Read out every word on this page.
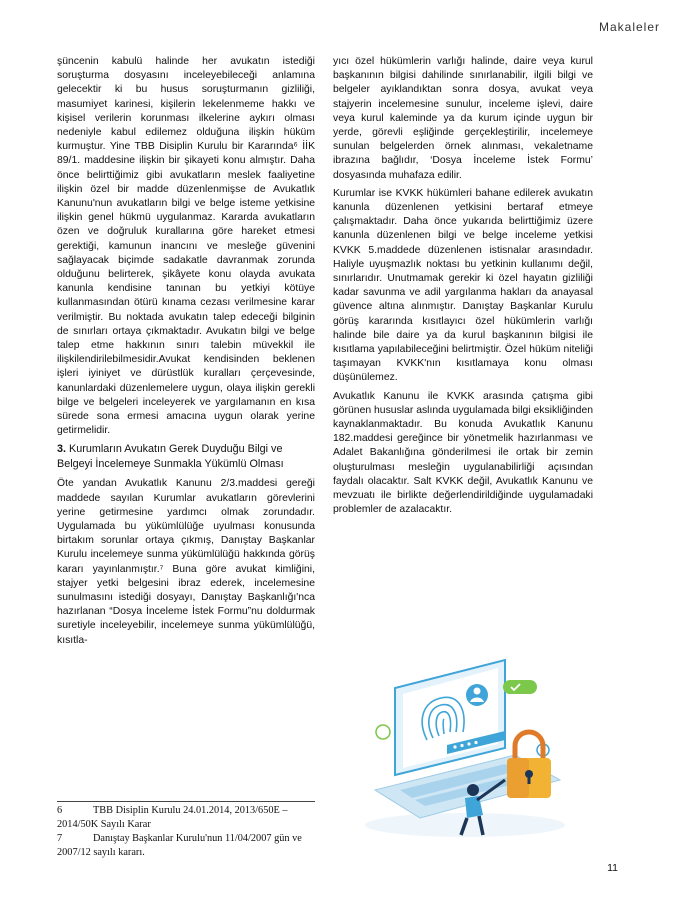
Makaleler

şüncenin kabulü halinde her avukatın istediği soruşturma dosyasını inceleyebileceği anlamına gelecektir ki bu husus soruşturmanın gizliliği, masumiyet karinesi, kişilerin lekelenmeme hakkı ve kişisel verilerin korunması ilkelerine aykırı olması nedeniyle kabul edilemez olduğuna ilişkin hüküm kurmuştur. Yine TBB Disiplin Kurulu bir Kararında⁶ İİK 89/1. maddesine ilişkin bir şikayeti konu almıştır. Daha önce belirttiğimiz gibi avukatların meslek faaliyetine ilişkin özel bir madde düzenlenmişse de Avukatlık Kanunu'nun avukatların bilgi ve belge isteme yetkisine ilişkin genel hükmü uygulanmaz. Kararda avukatların özen ve doğruluk kurallarına göre hareket etmesi gerektiği, kamunun inancını ve mesleğe güvenini sağlayacak biçimde sadakatle davranmak zorunda olduğunu belirterek, şikâyete konu olayda avukata kanunla kendisine tanınan bu yetkiyi kötüye kullanmasından ötürü kınama cezası verilmesine karar verilmiştir. Bu noktada avukatın talep edeceği bilginin de sınırları ortaya çıkmaktadır. Avukatın bilgi ve belge talep etme hakkının sınırı talebin müvekkil ile ilişkilendirilebilmesidir.Avukat kendisinden beklenen işleri iyiniyet ve dürüstlük kuralları çerçevesinde, kanunlardaki düzenlemelere uygun, olaya ilişkin gerekli bilge ve belgeleri inceleyerek ve yargılamanın en kısa sürede sona ermesi amacına uygun olarak yerine getirmelidir.

3. Kurumların Avukatın Gerek Duyduğu Bilgi ve Belgeyi İncelemeye Sunmakla Yükümlü Olması

Öte yandan Avukatlık Kanunu 2/3.maddesi gereği maddede sayılan Kurumlar avukatların görevlerini yerine getirmesine yardımcı olmak zorundadır. Uygulamada bu yükümlülüğe uyulması konusunda birtakım sorunlar ortaya çıkmış, Danıştay Başkanlar Kurulu incelemeye sunma yükümlülüğü hakkında görüş kararı yayınlanmıştır.⁷ Buna göre avukat kimliğini, stajyer yetki belgesini ibraz ederek, incelemesine sunulmasını istediği dosyayı, Danıştay Başkanlığı'nca hazırlanan “Dosya İnceleme İstek Formu”nu doldurmak suretiyle inceleyebilir, incelemeye sunma yükümlülüğü, kısıtla-

yıcı özel hükümlerin varlığı halinde, daire veya kurul başkanının bilgisi dahilinde sınırlanabilir, ilgili bilgi ve belgeler ayıklandıktan sonra dosya, avukat veya stajyerin incelemesine sunulur, inceleme işlevi, daire veya kurul kaleminde ya da kurum içinde uygun bir yerde, görevli eşliğinde gerçekleştirilir, incelemeye sunulan belgelerden örnek alınması, vekaletname ibrazına bağlıdır, ‘Dosya İnceleme İstek Formu’ dosyasında muhafaza edilir.

Kurumlar ise KVKK hükümleri bahane edilerek avukatın kanunla düzenlenen yetkisini bertaraf etmeye çalışmaktadır. Daha önce yukarıda belirttiğimiz üzere kanunla düzenlenen bilgi ve belge inceleme yetkisi KVKK 5.maddede düzenlenen istisnalar arasındadır. Haliyle uyuşmazlık noktası bu yetkinin kullanımı değil, sınırlarıdır. Unutmamak gerekir ki özel hayatın gizliliği kadar savunma ve adil yargılanma hakları da anayasal güvence altına alınmıştır. Danıştay Başkanlar Kurulu görüş kararında kısıtlayıcı özel hükümlerin varlığı halinde bile daire ya da kurul başkanının bilgisi ile kısıtlama yapılabileceğini belirtmiştir. Özel hüküm niteliği taşımayan KVKK'nın kısıtlamaya konu olması düşünülemez.

Avukatlık Kanunu ile KVKK arasında çatışma gibi görünen hususlar aslında uygulamada bilgi eksikliğinden kaynaklanmaktadır. Bu konuda Avukatlık Kanunu 182.maddesi gereğince bir yönetmelik hazırlanması ve Adalet Bakanlığına gönderilmesi ile ortak bir zemin oluşturulması mesleğin uygulanabilirliği açısından faydalı olacaktır. Salt KVKK değil, Avukatlık Kanunu ve mevzuatı ile birlikte değerlendirildiğinde uygulamadaki problemler de azalacaktır.

6	TBB Disiplin Kurulu 24.01.2014, 2013/650E – 2014/50K Sayılı Karar

7	Danıştay Başkanlar Kurulu'nun 11/04/2007 gün ve 2007/12 sayılı kararı.

11
